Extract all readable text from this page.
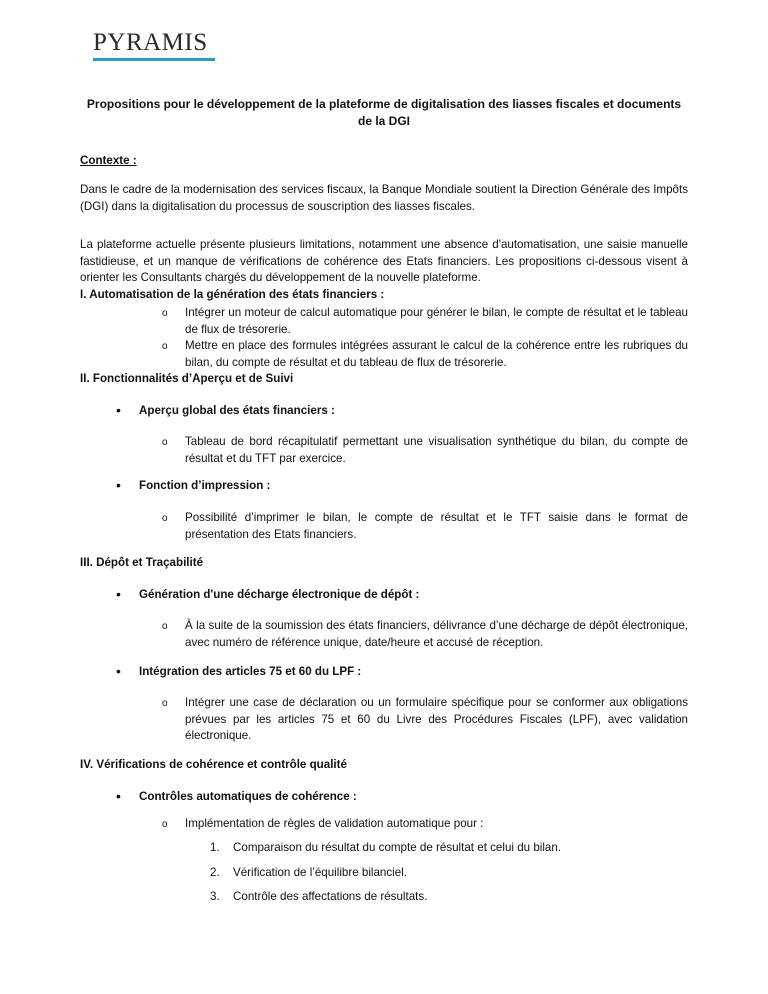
PYRAMIS
Propositions pour le développement de la plateforme de digitalisation des liasses fiscales et documents de la DGI
Contexte :
Dans le cadre de la modernisation des services fiscaux, la Banque Mondiale soutient la Direction Générale des Impôts (DGI) dans la digitalisation du processus de souscription des liasses fiscales.
La plateforme actuelle présente plusieurs limitations, notamment une absence d'automatisation, une saisie manuelle fastidieuse, et un manque de vérifications de cohérence des Etats financiers. Les propositions ci-dessous visent à orienter les Consultants chargés du développement de la nouvelle plateforme.
I. Automatisation de la génération des états financiers :
o Intégrer un moteur de calcul automatique pour générer le bilan, le compte de résultat et le tableau de flux de trésorerie.
o Mettre en place des formules intégrées assurant le calcul de la cohérence entre les rubriques du bilan, du compte de résultat et du tableau de flux de trésorerie.
II. Fonctionnalités d’Aperçu et de Suivi
• Aperçu global des états financiers :
o Tableau de bord récapitulatif permettant une visualisation synthétique du bilan, du compte de résultat et du TFT par exercice.
• Fonction d’impression :
o Possibilité d’imprimer le bilan, le compte de résultat et le TFT saisie dans le format de présentation des Etats financiers.
III. Dépôt et Traçabilité
• Génération d'une décharge électronique de dépôt :
o À la suite de la soumission des états financiers, délivrance d’une décharge de dépôt électronique, avec numéro de référence unique, date/heure et accusé de réception.
• Intégration des articles 75 et 60 du LPF :
o Intégrer une case de déclaration ou un formulaire spécifique pour se conformer aux obligations prévues par les articles 75 et 60 du Livre des Procédures Fiscales (LPF), avec validation électronique.
IV. Vérifications de cohérence et contrôle qualité
• Contrôles automatiques de cohérence :
o Implémentation de règles de validation automatique pour :
1. Comparaison du résultat du compte de résultat et celui du bilan.
2. Vérification de l’équilibre bilanciel.
3. Contrôle des affectations de résultats.
